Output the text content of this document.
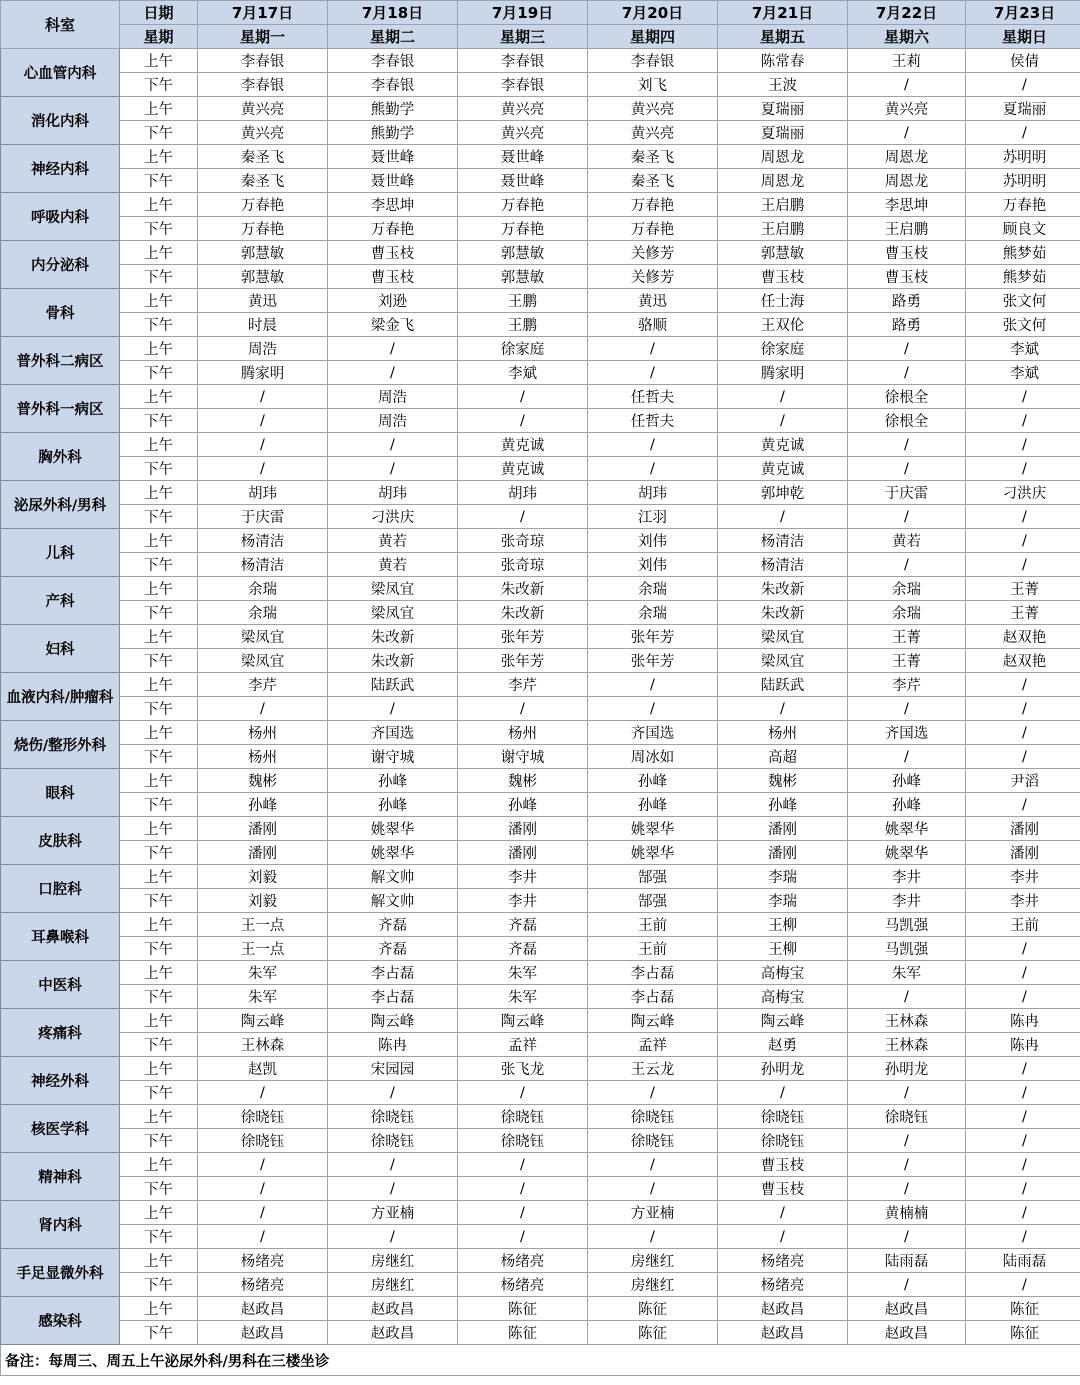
科室	日期	7月17日	7月18日	7月19日	7月20日	7月21日	7月22日	7月23日
	星期	星期一	星期二	星期三	星期四	星期五	星期六	星期日
心血管内科	上午	李春银	李春银	李春银	李春银	陈常春	王莉	侯倩
	下午	李春银	李春银	李春银	刘飞	王波	/	/
消化内科	上午	黄兴亮	熊勤学	黄兴亮	黄兴亮	夏瑞丽	黄兴亮	夏瑞丽
	下午	黄兴亮	熊勤学	黄兴亮	黄兴亮	夏瑞丽	/	/
神经内科	上午	秦圣飞	聂世峰	聂世峰	秦圣飞	周恩龙	周恩龙	苏明明
	下午	秦圣飞	聂世峰	聂世峰	秦圣飞	周恩龙	周恩龙	苏明明
呼吸内科	上午	万春艳	李思坤	万春艳	万春艳	王启鹏	李思坤	万春艳
	下午	万春艳	万春艳	万春艳	万春艳	王启鹏	王启鹏	顾良文
内分泌科	上午	郭慧敏	曹玉枝	郭慧敏	关修芳	郭慧敏	曹玉枝	熊梦茹
	下午	郭慧敏	曹玉枝	郭慧敏	关修芳	曹玉枝	曹玉枝	熊梦茹
骨科	上午	黄迅	刘逊	王鹏	黄迅	任士海	路勇	张文何
	下午	时晨	梁金飞	王鹏	骆顺	王双伦	路勇	张文何
普外科二病区	上午	周浩	/	徐家庭	/	徐家庭	/	李斌
	下午	腾家明	/	李斌	/	腾家明	/	李斌
普外科一病区	上午	/	周浩	/	任哲夫	/	徐根全	/
	下午	/	周浩	/	任哲夫	/	徐根全	/
胸外科	上午	/	/	黄克诚	/	黄克诚	/	/
	下午	/	/	黄克诚	/	黄克诚	/	/
泌尿外科/男科	上午	胡玮	胡玮	胡玮	胡玮	郭坤乾	于庆雷	刁洪庆
	下午	于庆雷	刁洪庆	/	江羽	/	/	/
儿科	上午	杨清洁	黄若	张奇琼	刘伟	杨清洁	黄若	/
	下午	杨清洁	黄若	张奇琼	刘伟	杨清洁	/	/
产科	上午	余瑞	梁凤宜	朱改新	余瑞	朱改新	余瑞	王菁
	下午	余瑞	梁凤宜	朱改新	余瑞	朱改新	余瑞	王菁
妇科	上午	梁凤宜	朱改新	张年芳	张年芳	梁凤宜	王菁	赵双艳
	下午	梁凤宜	朱改新	张年芳	张年芳	梁凤宜	王菁	赵双艳
血液内科/肿瘤科	上午	李芹	陆跃武	李芹	/	陆跃武	李芹	/
	下午	/	/	/	/	/	/	/
烧伤/整形外科	上午	杨州	齐国选	杨州	齐国选	杨州	齐国选	/
	下午	杨州	谢守城	谢守城	周冰如	高超	/	/
眼科	上午	魏彬	孙峰	魏彬	孙峰	魏彬	孙峰	尹滔
	下午	孙峰	孙峰	孙峰	孙峰	孙峰	孙峰	/
皮肤科	上午	潘刚	姚翠华	潘刚	姚翠华	潘刚	姚翠华	潘刚
	下午	潘刚	姚翠华	潘刚	姚翠华	潘刚	姚翠华	潘刚
口腔科	上午	刘毅	解文帅	李井	郜强	李瑞	李井	李井
	下午	刘毅	解文帅	李井	郜强	李瑞	李井	李井
耳鼻喉科	上午	王一点	齐磊	齐磊	王前	王柳	马凯强	王前
	下午	王一点	齐磊	齐磊	王前	王柳	马凯强	/
中医科	上午	朱军	李占磊	朱军	李占磊	高梅宝	朱军	/
	下午	朱军	李占磊	朱军	李占磊	高梅宝	/	/
疼痛科	上午	陶云峰	陶云峰	陶云峰	陶云峰	陶云峰	王林森	陈冉
	下午	王林森	陈冉	孟祥	孟祥	赵勇	王林森	陈冉
神经外科	上午	赵凯	宋园园	张飞龙	王云龙	孙明龙	孙明龙	/
	下午	/	/	/	/	/	/	/
核医学科	上午	徐晓钰	徐晓钰	徐晓钰	徐晓钰	徐晓钰	徐晓钰	/
	下午	徐晓钰	徐晓钰	徐晓钰	徐晓钰	徐晓钰	/	/
精神科	上午	/	/	/	/	曹玉枝	/	/
	下午	/	/	/	/	曹玉枝	/	/
肾内科	上午	/	方亚楠	/	方亚楠	/	黄楠楠	/
	下午	/	/	/	/	/	/	/
手足显微外科	上午	杨绪亮	房继红	杨绪亮	房继红	杨绪亮	陆雨磊	陆雨磊
	下午	杨绪亮	房继红	杨绪亮	房继红	杨绪亮	/	/
感染科	上午	赵政昌	赵政昌	陈征	陈征	赵政昌	赵政昌	陈征
	下午	赵政昌	赵政昌	陈征	陈征	赵政昌	赵政昌	陈征
备注：每周三、周五上午泌尿外科/男科在三楼坐诊								
